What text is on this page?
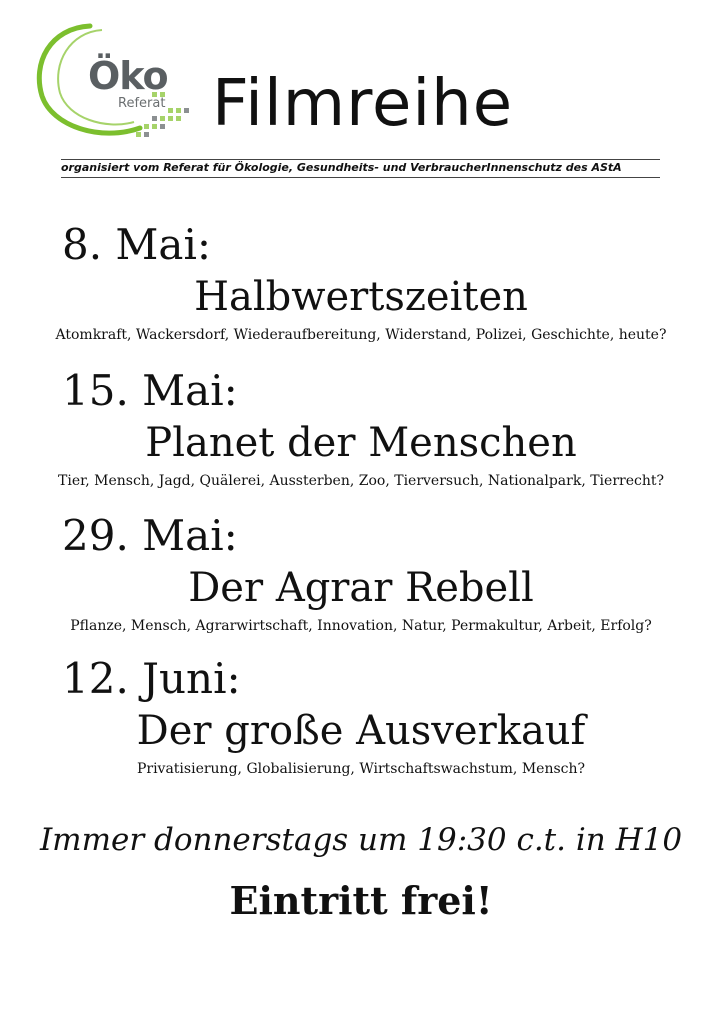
Öko
Referat Filmreihe
organisiert vom Referat für Ökologie, Gesundheits- und VerbraucherInnenschutz des AStA
8. Mai:
Halbwertszeiten
Atomkraft, Wackersdorf, Wiederaufbereitung, Widerstand, Polizei, Geschichte, heute?
15. Mai:
Planet der Menschen
Tier, Mensch, Jagd, Quälerei, Aussterben, Zoo, Tierversuch, Nationalpark, Tierrecht?
29. Mai:
Der Agrar Rebell
Pflanze, Mensch, Agrarwirtschaft, Innovation, Natur, Permakultur, Arbeit, Erfolg?
12. Juni:
Der große Ausverkauf
Privatisierung, Globalisierung, Wirtschaftswachstum, Mensch?
Immer donnerstags um 19:30 c.t. in H10
Eintritt frei!
